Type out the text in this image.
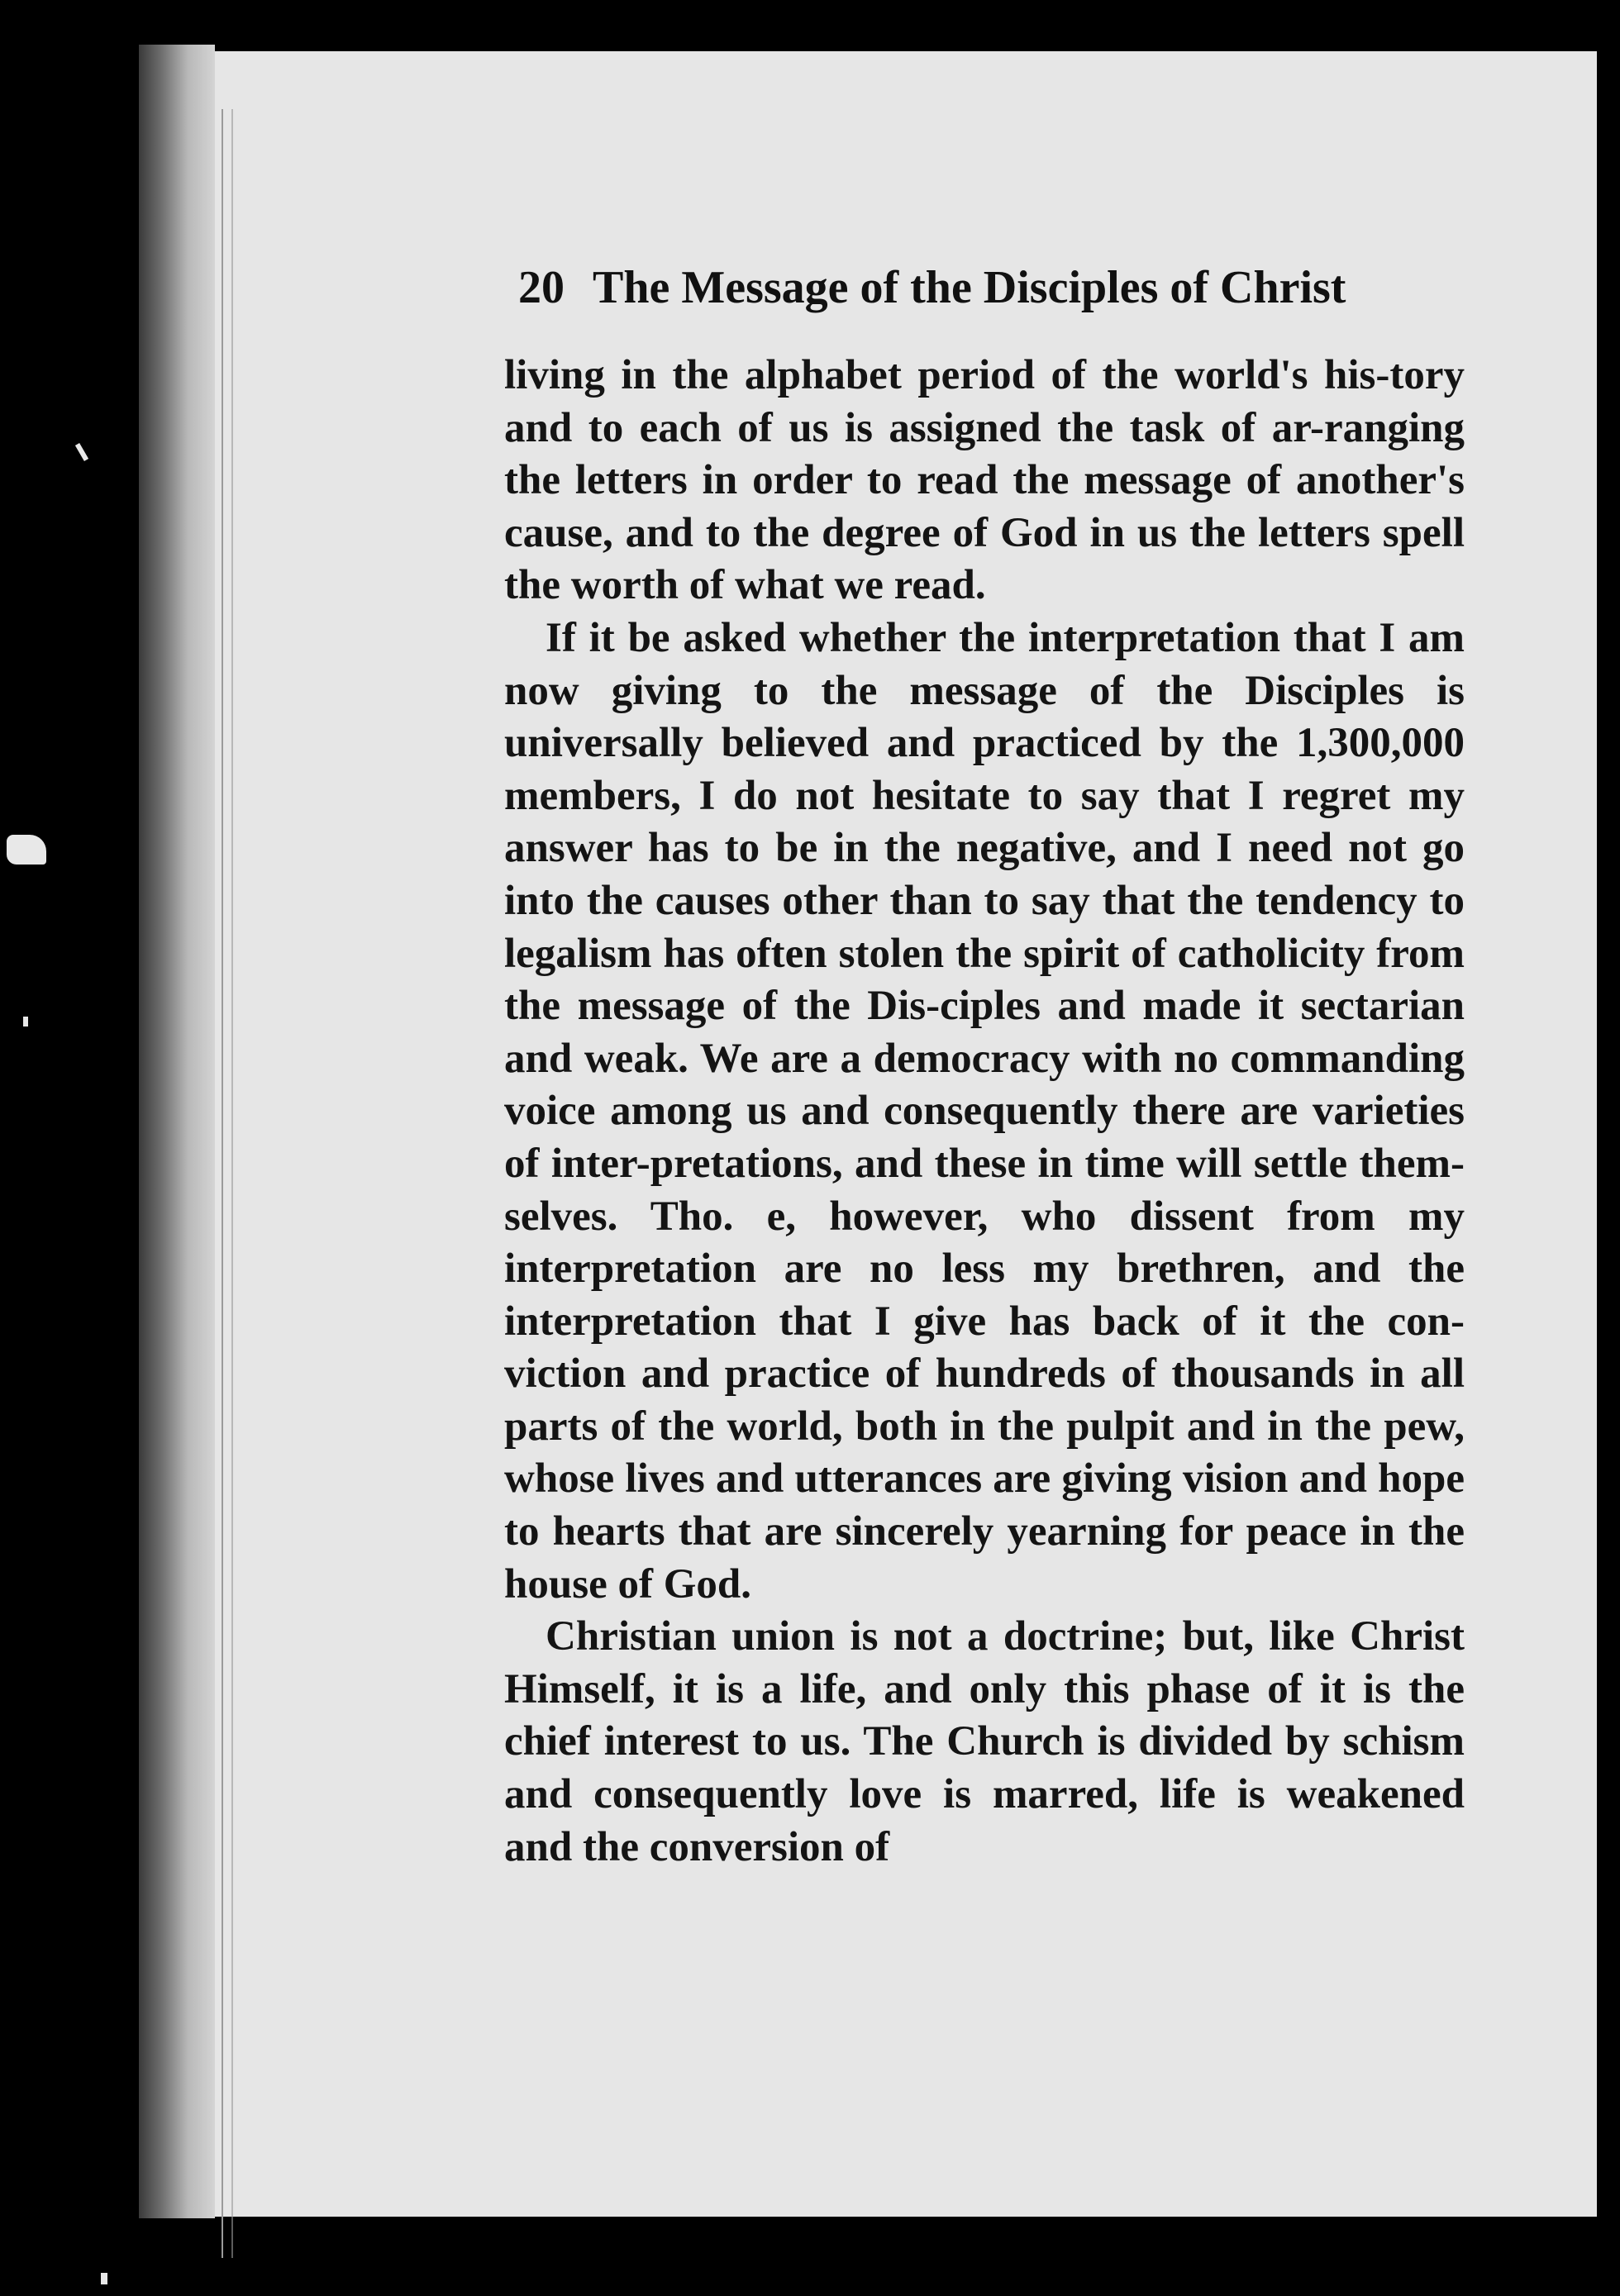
20 The Message of the Disciples of Christ

living in the alphabet period of the world's his-tory and to each of us is assigned the task of ar-ranging the letters in order to read the message of another's cause, and to the degree of God in us the letters spell the worth of what we read.

If it be asked whether the interpretation that I am now giving to the message of the Disciples is universally believed and practiced by the 1,300,000 members, I do not hesitate to say that I regret my answer has to be in the negative, and I need not go into the causes other than to say that the tendency to legalism has often stolen the spirit of catholicity from the message of the Dis-ciples and made it sectarian and weak. We are a democracy with no commanding voice among us and consequently there are varieties of inter-pretations, and these in time will settle them-selves. Tho. e, however, who dissent from my interpretation are no less my brethren, and the interpretation that I give has back of it the con-viction and practice of hundreds of thousands in all parts of the world, both in the pulpit and in the pew, whose lives and utterances are giving vision and hope to hearts that are sincerely yearning for peace in the house of God.

Christian union is not a doctrine; but, like Christ Himself, it is a life, and only this phase of it is the chief interest to us. The Church is divided by schism and consequently love is marred, life is weakened and the conversion of
